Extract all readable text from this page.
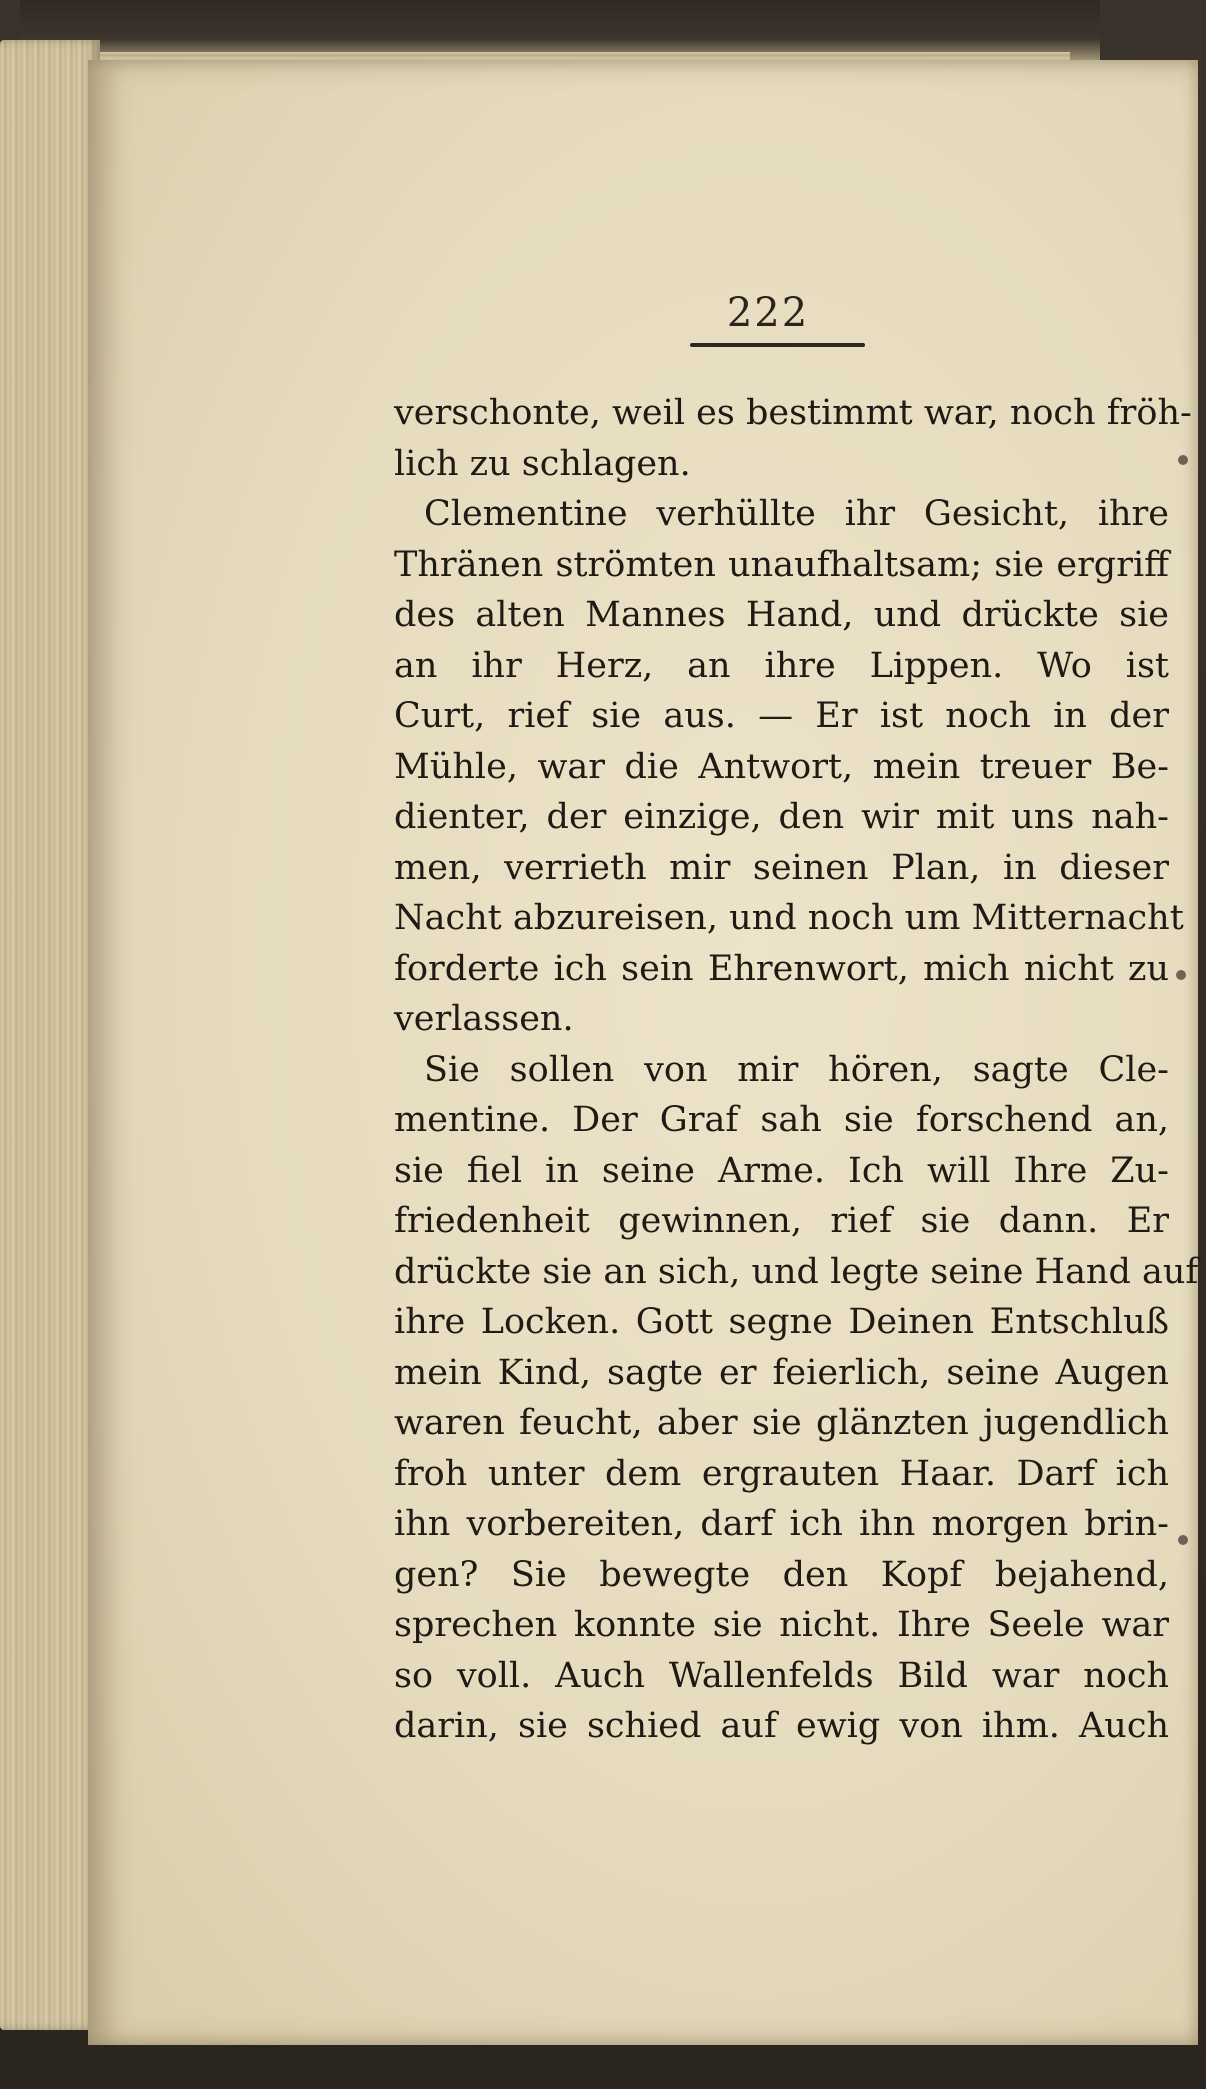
222
verschonte, weil es bestimmt war, noch fröh-
lich zu schlagen.
Clementine verhüllte ihr Gesicht, ihre
Thränen strömten unaufhaltsam; sie ergriff
des alten Mannes Hand, und drückte sie
an ihr Herz, an ihre Lippen. Wo ist
Curt, rief sie aus. — Er ist noch in der
Mühle, war die Antwort, mein treuer Be-
dienter, der einzige, den wir mit uns nah-
men, verrieth mir seinen Plan, in dieser
Nacht abzureisen, und noch um Mitternacht
forderte ich sein Ehrenwort, mich nicht zu
verlassen.
Sie sollen von mir hören, sagte Cle-
mentine. Der Graf sah sie forschend an,
sie fiel in seine Arme. Ich will Ihre Zu-
friedenheit gewinnen, rief sie dann. Er
drückte sie an sich, und legte seine Hand auf
ihre Locken. Gott segne Deinen Entschluß
mein Kind, sagte er feierlich, seine Augen
waren feucht, aber sie glänzten jugendlich
froh unter dem ergrauten Haar. Darf ich
ihn vorbereiten, darf ich ihn morgen brin-
gen? Sie bewegte den Kopf bejahend,
sprechen konnte sie nicht. Ihre Seele war
so voll. Auch Wallenfelds Bild war noch
darin, sie schied auf ewig von ihm. Auch
